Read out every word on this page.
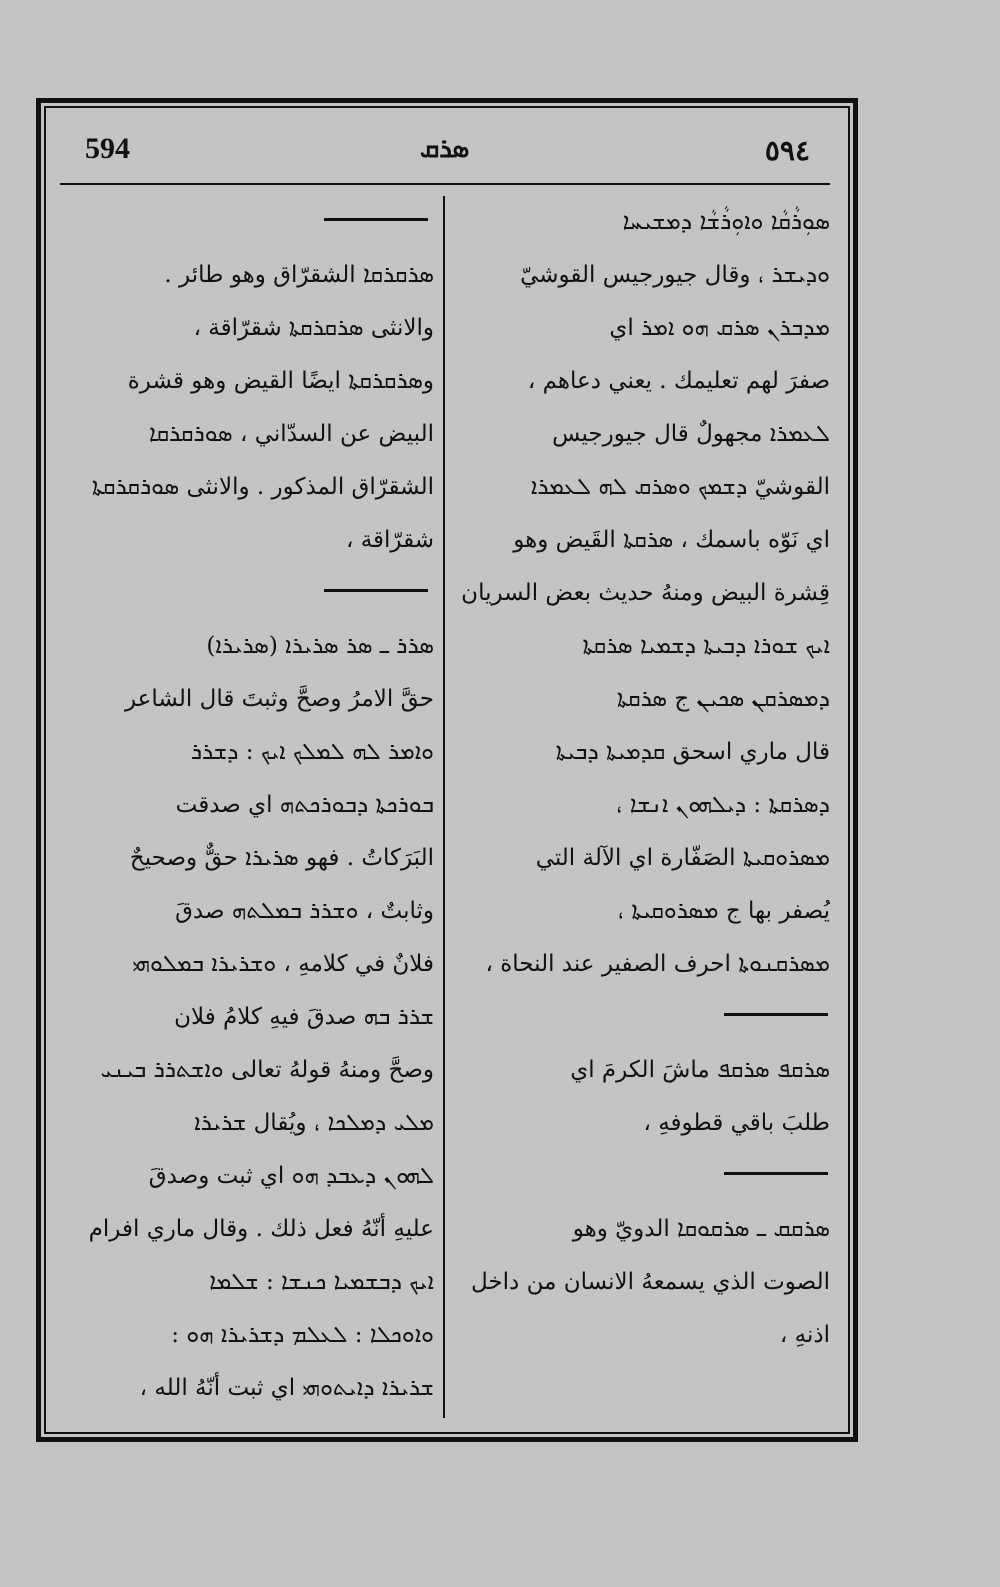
594	ܣܪܩ	٥٩٤
ܣܘܼܪܵܩܵܐ ܘܐܘܼܪܵܫܵܐ ܕܡܫܝܚܐ
ܘܕܝܫܪ ، وقال جيورجيس القوشيّ
ܡܕܒܪܢ ܣܪܩ ܗܘ ܐܡܪ اي
صفرَ لهم تعليمك . يعني دعاهم ،
ܠܥܡܪܐ مجهولٌ قال جيورجيس
القوشيّ ܕܫܡܟ ܘܣܪܩ ܠܗ ܠܥܡܪܐ
اي نَوّه باسمك ، ܣܪܩܬܐ القَيض وهو
قِشرة البيض ومنهُ حديث بعض السريان
ܐܝܟ ܫܘܪܐ ܕܒܝܬܐ ܕܫܡܝܐ ܣܪܩܬܐ
ܕܡܣܪܩܢ ܣܟܝܢ ج ܣܪܩܬܐ
قال ماري اسحق ܩܕܡܝܬܐ ܕܒܝܬܐ
ܕܣܪܩܬܐ : ܕܝܠܗܘܢ ܐܢܫܐ ،
ܡܣܪܘܩܝܬܐ الصَفّارة اي الآلة التي
يُصفر بها ج ܡܣܪܘܩܝܬܐ ،
ܡܣܪܩܢܘܬܐ احرف الصفير عند النحاة ،
ܣܪܩܦ ܣܪܩܦ ماشَ الكرمَ اي
طلبَ باقي قطوفهِ ،
ܣܪܩܩ ـ ܣܪܩܘܩܐ الدويّ وهو
الصوت الذي يسمعهُ الانسان من داخل
اذنهِ ،
ܣܪܩܪܩܐ الشقرّاق وهو طائر .
والانثى ܣܪܩܪܩܬܐ شقرّاقة ،
وܣܪܩܪܩܬܐ ايضًا القيض وهو قشرة
البيض عن السدّاني ، ܣܘܪܩܪܩܐ
الشقرّاق المذكور . والانثى ܣܘܪܩܪܩܬܐ
شقرّاقة ،
ܣܪܪ ـ ܣܪ ܣܪܝܪܐ (ܣܪܝܪܐ)
حقَّ الامرُ وصحَّ وثبتَ قال الشاعر
ܘܐܡܪ ܠܗ ܠܡܠܟ ܐܝܟ : ܕܫܪܪ
ܒܘܪܟܬܐ ܕܒܘܪܟܬܗ اي صدقت
البَرَكاتُ . فهو ܣܪܝܪܐ حقٌّ وصحيحٌ
وثابتٌ ، ܘܫܪܪ ܒܡܠܬܗ صدقَ
فلانٌ في كلامهِ ، ܘܫܪܝܪܐ ܒܡܠܘܗܝ
ܫܪܪ ܒܗ صدقَ فيهِ كلامُ فلان
وصحَّ ومنهُ قولهُ تعالى ܘܐܫܬܪܪ ܒܝܢܝ
ܡܠܝ ܕܡܠܟܐ ، ويُقال ܫܪܝܪܐ
ܠܗܘܢ ܕܥܒܕ ܗܘ اي ثبت وصدقَ
عليهِ أنّهُ فعل ذلك . وقال ماري افرام
ܐܝܟ ܕܒܫܡܝܐ ܟܢܫܐ : ܫܠܡܐ
ܘܐܘܟܠܐ : ܠܥܠܡ ܕܫܪܝܪܐ ܗܘ :
ܫܪܝܪܐ ܕܐܝܬܘܗܝ اي ثبت أنّهُ الله ،
